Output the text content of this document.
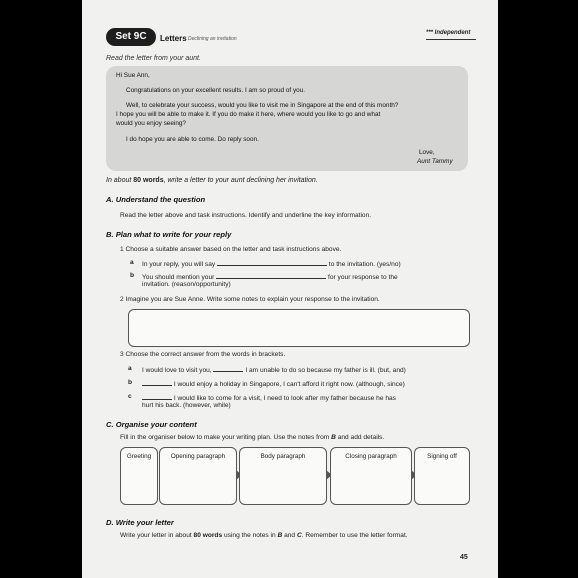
Set 9C	Letters Declining an invitation
*** Independent
Read the letter from your aunt.
Hi Sue Ann,
Congratulations on your excellent results. I am so proud of you.
Well, to celebrate your success, would you like to visit me in Singapore at the end of this month?
I hope you will be able to make it. If you do make it here, where would you like to go and what
would you enjoy seeing?
I do hope you are able to come. Do reply soon.
Love,
Aunt Tammy
In about 80 words, write a letter to your aunt declining her invitation.
A. Understand the question
Read the letter above and task instructions. Identify and underline the key information.
B. Plan what to write for your reply
1 Choose a suitable answer based on the letter and task instructions above.
a In your reply, you will say	to the invitation. (yes/no)
b You should mention your	for your response to the
invitation. (reason/opportunity)
2 Imagine you are Sue Anne. Write some notes to explain your response to the invitation.
3 Choose the correct answer from the words in brackets.
a I would love to visit you,	I am unable to do so because my father is ill. (but, and)
b	I would enjoy a holiday in Singapore, I can't afford it right now. (although, since)
c	I would like to come for a visit, I need to look after my father because he has
hurt his back. (however, while)
C. Organise your content
Fill in the organiser below to make your writing plan. Use the notes from B and add details.
Greeting	Opening paragraph	Body paragraph	Closing paragraph	Signing off
D. Write your letter
Write your letter in about 80 words using the notes in B and C. Remember to use the letter format.
45
